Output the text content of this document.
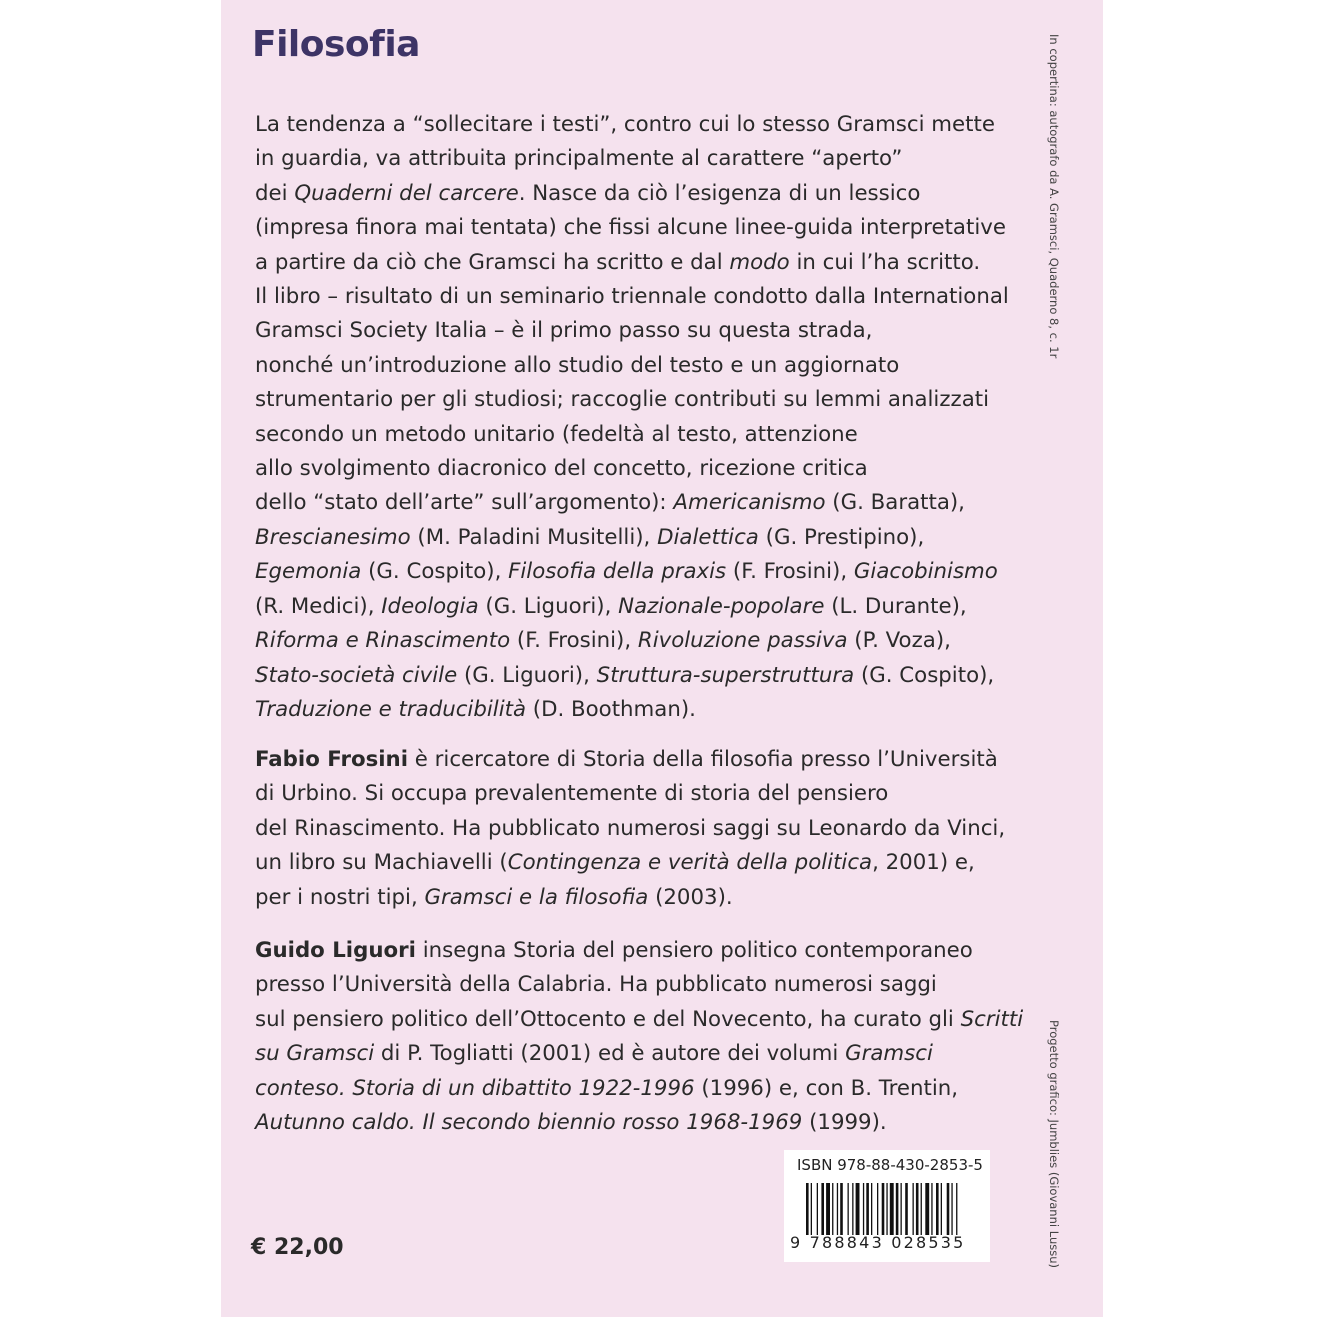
Filosofia
La tendenza a “sollecitare i testi”, contro cui lo stesso Gramsci mette
in guardia, va attribuita principalmente al carattere “aperto”
dei Quaderni del carcere. Nasce da ciò l’esigenza di un lessico
(impresa finora mai tentata) che fissi alcune linee-guida interpretative
a partire da ciò che Gramsci ha scritto e dal modo in cui l’ha scritto.
Il libro – risultato di un seminario triennale condotto dalla International
Gramsci Society Italia – è il primo passo su questa strada,
nonché un’introduzione allo studio del testo e un aggiornato
strumentario per gli studiosi; raccoglie contributi su lemmi analizzati
secondo un metodo unitario (fedeltà al testo, attenzione
allo svolgimento diacronico del concetto, ricezione critica
dello “stato dell’arte” sull’argomento): Americanismo (G. Baratta),
Brescianesimo (M. Paladini Musitelli), Dialettica (G. Prestipino),
Egemonia (G. Cospito), Filosofia della praxis (F. Frosini), Giacobinismo
(R. Medici), Ideologia (G. Liguori), Nazionale-popolare (L. Durante),
Riforma e Rinascimento (F. Frosini), Rivoluzione passiva (P. Voza),
Stato-società civile (G. Liguori), Struttura-superstruttura (G. Cospito),
Traduzione e traducibilità (D. Boothman).
Fabio Frosini è ricercatore di Storia della filosofia presso l’Università
di Urbino. Si occupa prevalentemente di storia del pensiero
del Rinascimento. Ha pubblicato numerosi saggi su Leonardo da Vinci,
un libro su Machiavelli (Contingenza e verità della politica, 2001) e,
per i nostri tipi, Gramsci e la filosofia (2003).
Guido Liguori insegna Storia del pensiero politico contemporaneo
presso l’Università della Calabria. Ha pubblicato numerosi saggi
sul pensiero politico dell’Ottocento e del Novecento, ha curato gli Scritti
su Gramsci di P. Togliatti (2001) ed è autore dei volumi Gramsci
conteso. Storia di un dibattito 1922-1996 (1996) e, con B. Trentin,
Autunno caldo. Il secondo biennio rosso 1968-1969 (1999).
€ 22,00
ISBN 978-88-430-2853-5
9 788843 028535
In copertina: autografo da A. Gramsci, Quaderno 8, c. 1r
Progetto grafico: Jumblies (Giovanni Lussu)
